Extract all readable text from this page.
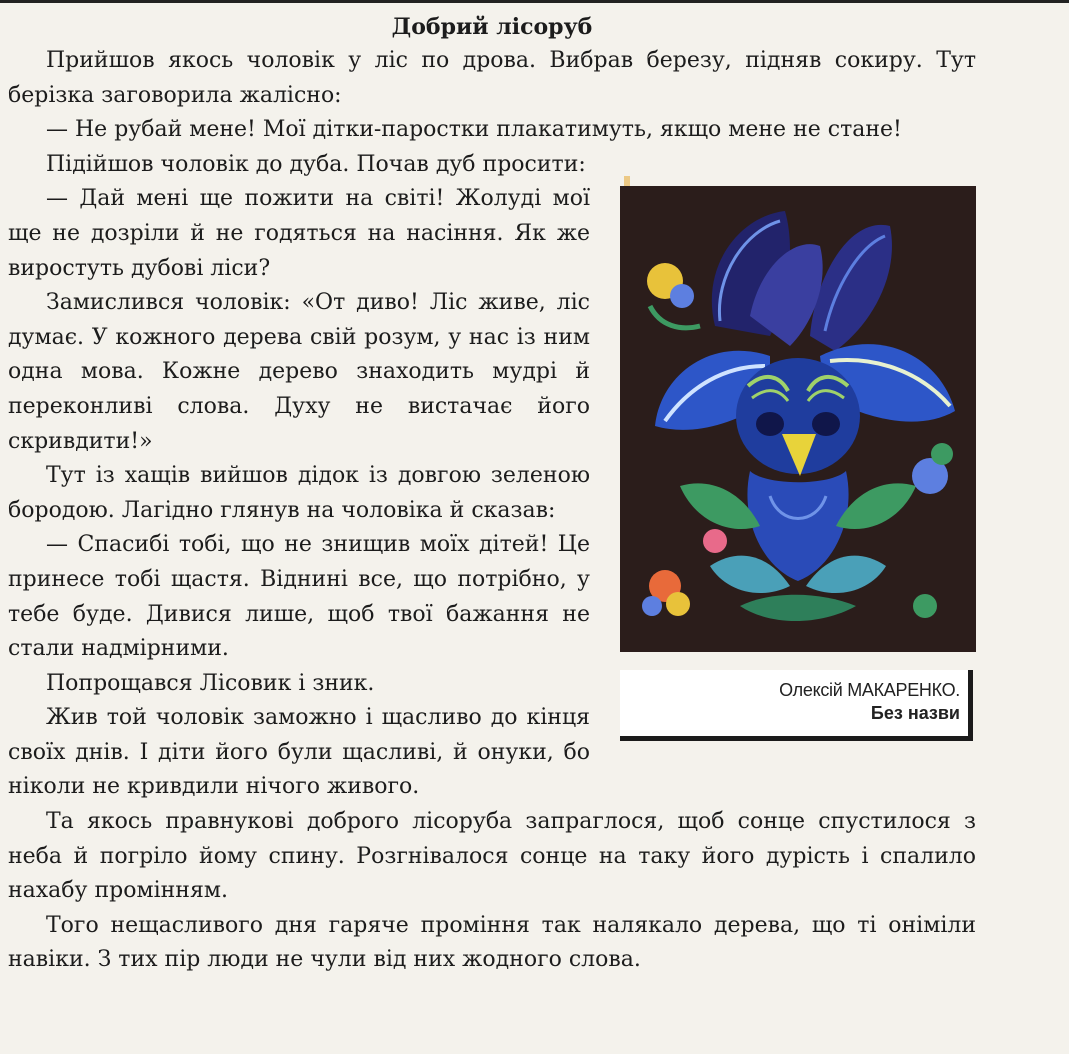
Добрий лісоруб

Прийшов якось чоловік у ліс по дрова. Вибрав березу, підняв сокиру. Тут берізка заговорила жалісно:

— Не рубай мене! Мої дітки-паростки плакатимуть, якщо мене не стане!

Олексій МАКАРЕНКО.
Без назви

Підійшов чоловік до дуба. Почав дуб просити:

— Дай мені ще пожити на світі! Жолуді мої ще не дозріли й не годяться на насіння. Як же виростуть дубові ліси?

Замислився чоловік: «От диво! Ліс живе, ліс думає. У кожного дерева свій розум, у нас із ним одна мова. Кожне дерево знаходить мудрі й переконливі слова. Духу не вистачає його скривдити!»

Тут із хащів вийшов дідок із довгою зеленою бородою. Лагідно глянув на чоловіка й сказав:

— Спасибі тобі, що не знищив моїх дітей! Це принесе тобі щастя. Віднині все, що потрібно, у тебе буде. Дивися лише, щоб твої бажання не стали надмірними.

Попрощався Лісовик і зник.

Жив той чоловік заможно і щасливо до кінця своїх днів. І діти його були щасливі, й онуки, бо ніколи не кривдили нічого живого.

Та якось правнукові доброго лісоруба запраглося, щоб сонце спустилося з неба й погріло йому спину. Розгнівалося сонце на таку його дурість і спалило нахабу промінням.

Того нещасливого дня гаряче проміння так налякало дерева, що ті оніміли навіки. З тих пір люди не чули від них жодного слова.
